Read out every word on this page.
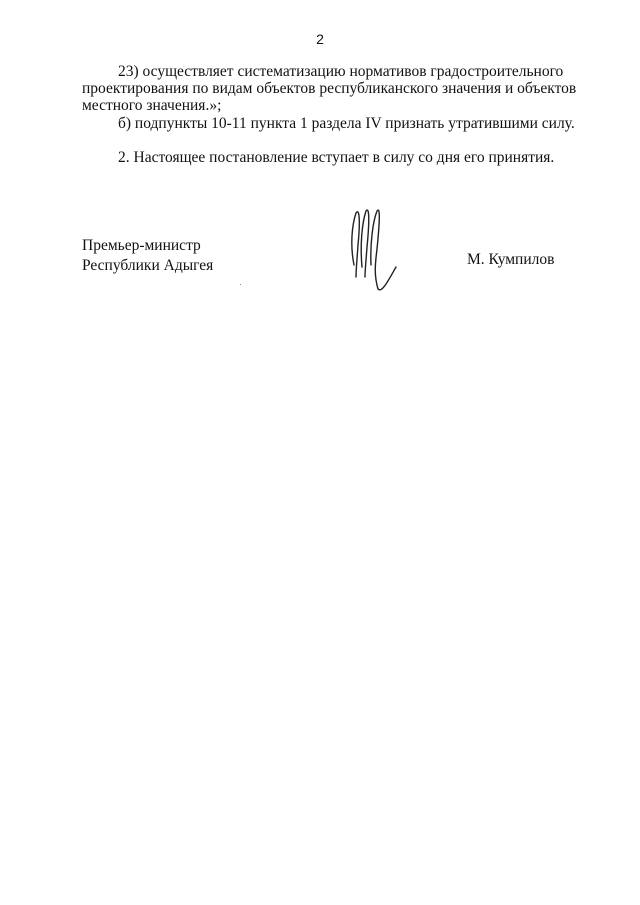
2
23) осуществляет систематизацию нормативов градостроительного
проектирования по видам объектов республиканского значения и объектов
местного значения.»;
б) подпункты 10-11 пункта 1 раздела IV признать утратившими силу.
2. Настоящее постановление вступает в силу со дня его принятия.
Премьер-министр
Республики Адыгея	М. Кумпилов
